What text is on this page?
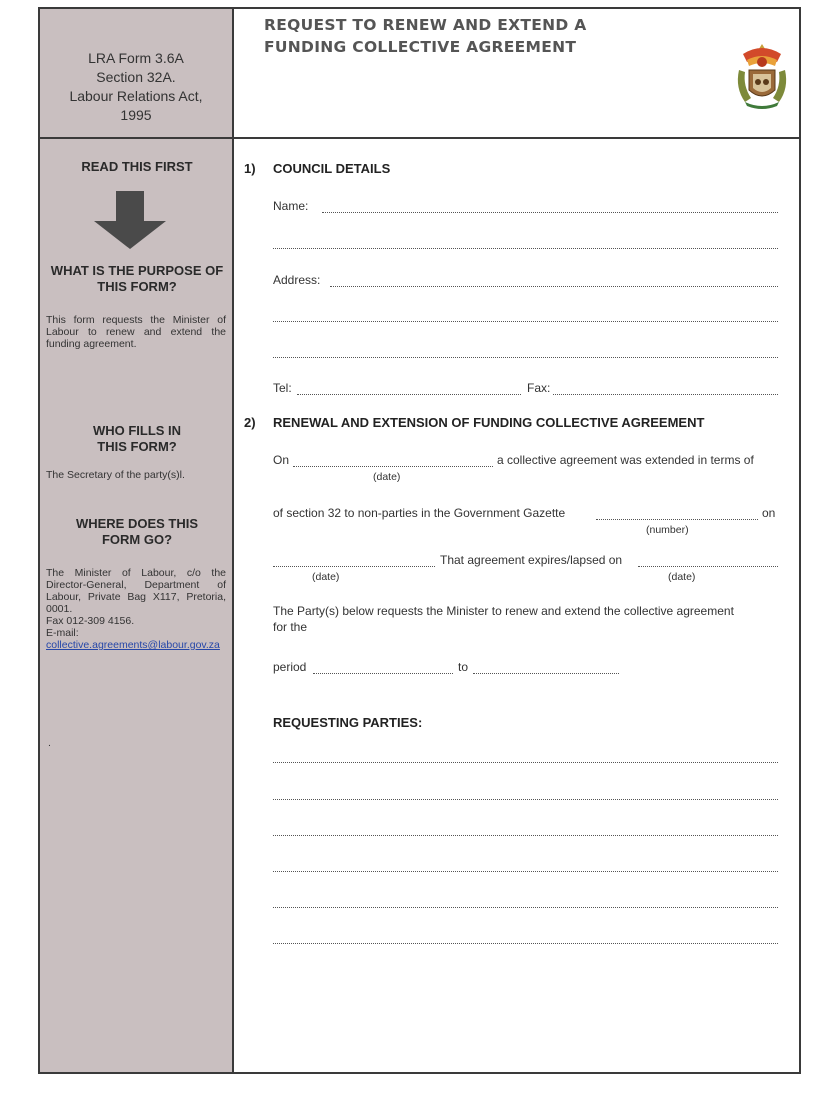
LRA Form 3.6A
Section 32A.
Labour Relations Act,
1995
REQUEST TO RENEW AND EXTEND A
FUNDING COLLECTIVE AGREEMENT
READ THIS FIRST
WHAT IS THE PURPOSE OF
THIS FORM?
This form requests the Minister of Labour to renew and extend the funding agreement.
WHO FILLS IN
THIS FORM?
The Secretary of the party(s)l.
WHERE DOES THIS
FORM GO?
The Minister of Labour, c/o the Director-General, Department of Labour, Private Bag X117, Pretoria, 0001.
Fax 012-309 4156.
E-mail:
collective.agreements@labour.gov.za
.
1) COUNCIL DETAILS
Name:
Address:
Tel:	Fax:
2) RENEWAL AND EXTENSION OF FUNDING COLLECTIVE AGREEMENT
On	a collective agreement was extended in terms of
(date)
of section 32 to non-parties in the Government Gazette	on
(number)
That agreement expires/lapsed on
(date)	(date)
The Party(s) below requests the Minister to renew and extend the collective agreement
for the
period	to
REQUESTING PARTIES:
